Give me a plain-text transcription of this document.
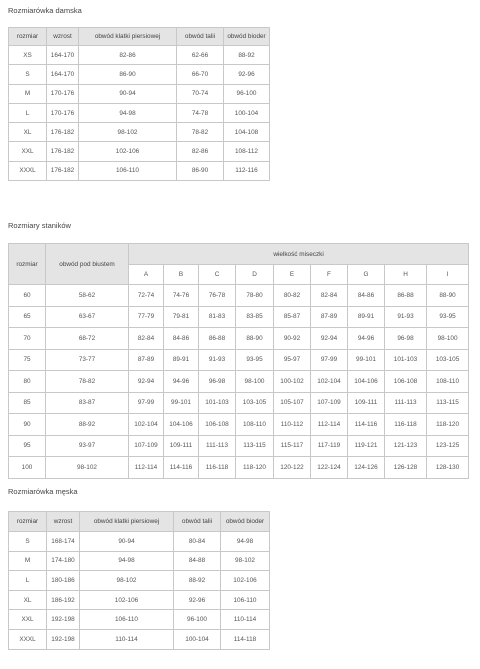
Rozmiarówka damska
rozmiar	wzrost	obwód klatki piersiowej	obwód talii	obwód bioder
XS	164-170	82-86	62-66	88-92
S	164-170	86-90	66-70	92-96
M	170-176	90-94	70-74	96-100
L	170-176	94-98	74-78	100-104
XL	176-182	98-102	78-82	104-108
XXL	176-182	102-106	82-86	108-112
XXXL	176-182	106-110	86-90	112-116
Rozmiary staników
rozmiar	obwód pod biustem	wielkość miseczki								
		A	B	C	D	E	F	G	H	I
60	58-62	72-74	74-76	76-78	78-80	80-82	82-84	84-86	86-88	88-90
65	63-67	77-79	79-81	81-83	83-85	85-87	87-89	89-91	91-93	93-95
70	68-72	82-84	84-86	86-88	88-90	90-92	92-94	94-96	96-98	98-100
75	73-77	87-89	89-91	91-93	93-95	95-97	97-99	99-101	101-103	103-105
80	78-82	92-94	94-96	96-98	98-100	100-102	102-104	104-106	106-108	108-110
85	83-87	97-99	99-101	101-103	103-105	105-107	107-109	109-111	111-113	113-115
90	88-92	102-104	104-106	106-108	108-110	110-112	112-114	114-116	116-118	118-120
95	93-97	107-109	109-111	111-113	113-115	115-117	117-119	119-121	121-123	123-125
100	98-102	112-114	114-116	116-118	118-120	120-122	122-124	124-126	126-128	128-130
Rozmiarówka męska
rozmiar	wzrost	obwód klatki piersiowej	obwód talii	obwód bioder
S	168-174	90-94	80-84	94-98
M	174-180	94-98	84-88	98-102
L	180-186	98-102	88-92	102-106
XL	186-192	102-106	92-96	106-110
XXL	192-198	106-110	96-100	110-114
XXXL	192-198	110-114	100-104	114-118
